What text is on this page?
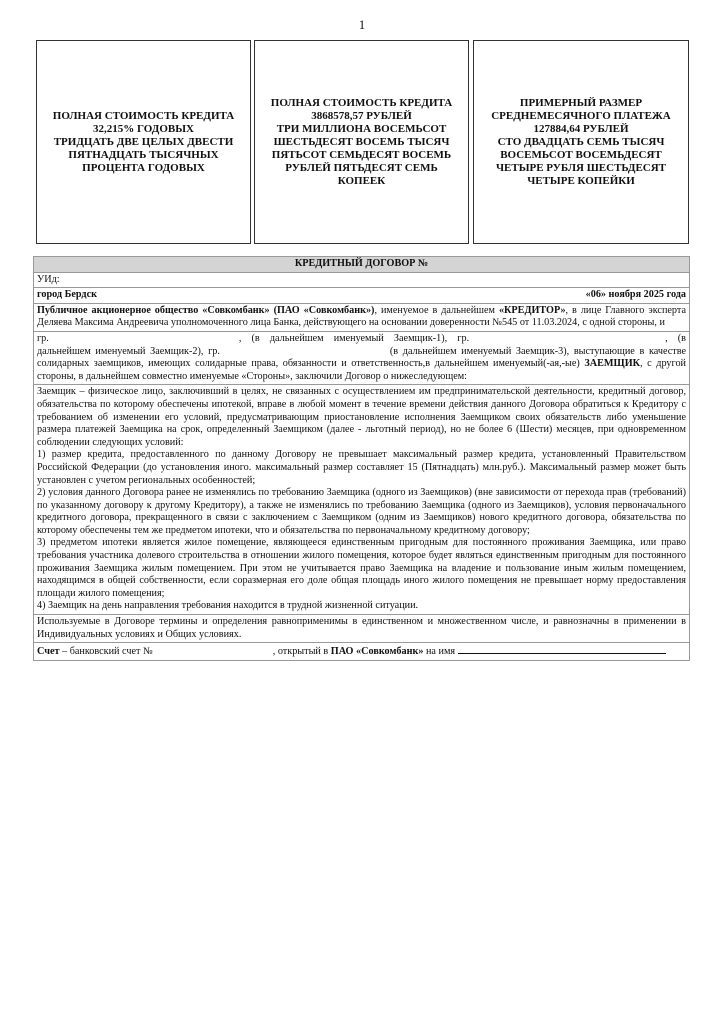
1
ПОЛНАЯ СТОИМОСТЬ КРЕДИТА
32,215% ГОДОВЫХ
ТРИДЦАТЬ ДВЕ ЦЕЛЫХ ДВЕСТИ
ПЯТНАДЦАТЬ ТЫСЯЧНЫХ
ПРОЦЕНТА ГОДОВЫХ
ПОЛНАЯ СТОИМОСТЬ КРЕДИТА
3868578,57 РУБЛЕЙ
ТРИ МИЛЛИОНА ВОСЕМЬСОТ
ШЕСТЬДЕСЯТ ВОСЕМЬ ТЫСЯЧ
ПЯТЬСОТ СЕМЬДЕСЯТ ВОСЕМЬ
РУБЛЕЙ ПЯТЬДЕСЯТ СЕМЬ КОПЕЕК
ПРИМЕРНЫЙ РАЗМЕР
СРЕДНЕМЕСЯЧНОГО ПЛАТЕЖА
127884,64 РУБЛЕЙ
СТО ДВАДЦАТЬ СЕМЬ ТЫСЯЧ
ВОСЕМЬСОТ ВОСЕМЬДЕСЯТ
ЧЕТЫРЕ РУБЛЯ ШЕСТЬДЕСЯТ
ЧЕТЫРЕ КОПЕЙКИ
КРЕДИТНЫЙ ДОГОВОР №
УИд:

город Бердск	«06» ноября 2025 года

Публичное акционерное общество «Совкомбанк» (ПАО «Совкомбанк»), именуемое в дальнейшем «КРЕДИТОР», в лице Главного эксперта Деляева Максима Андреевича уполномоченного лица Банка, действующего на основании доверенности №545 от 11.03.2024, с одной стороны, и
гр.	, (в дальнейшем именуемый Заемщик-1), гр.	, (в дальнейшем именуемый Заемщик-2), гр.	(в дальнейшем именуемый Заемщик-3), выступающие в качестве солидарных заемщиков, имеющих солидарные права, обязанности и ответственность,в дальнейшем именуемый(-ая,-ые) ЗАЕМЩИК, с другой стороны, в дальнейшем совместно именуемые «Стороны», заключили Договор о нижеследующем:

Заемщик – физическое лицо, заключивший в целях, не связанных с осуществлением им предпринимательской деятельности, кредитный договор, обязательства по которому обеспечены ипотекой, вправе в любой момент в течение времени действия данного Договора обратиться к Кредитору с требованием об изменении его условий, предусматривающим приостановление исполнения Заемщиком своих обязательств либо уменьшение размера платежей Заемщика на срок, определенный Заемщиком (далее - льготный период), но не более 6 (Шести) месяцев, при одновременном соблюдении следующих условий:
1) размер кредита, предоставленного по данному Договору не превышает максимальный размер кредита, установленный Правительством Российской Федерации (до установления иного. максимальный размер составляет 15 (Пятнадцать) млн.руб.). Максимальный размер может быть установлен с учетом региональных особенностей;
2) условия данного Договора ранее не изменялись по требованию Заемщика (одного из Заемщиков) (вне зависимости от перехода прав (требований) по указанному договору к другому Кредитору), а также не изменялись по требованию Заемщика (одного из Заемщиков), условия первоначального кредитного договора, прекращенного в связи с заключением с Заемщиком (одним из Заемщиков) нового кредитного договора, обязательства по которому обеспечены тем же предметом ипотеки, что и обязательства по первоначальному кредитному договору;
3) предметом ипотеки является жилое помещение, являющееся единственным пригодным для постоянного проживания Заемщика, или право требования участника долевого строительства в отношении жилого помещения, которое будет являться единственным пригодным для постоянного проживания Заемщика жилым помещением. При этом не учитывается право Заемщика на владение и пользование иным жилым помещением, находящимся в общей собственности, если соразмерная его доле общая площадь иного жилого помещения не превышает норму предоставления площади жилого помещения;
4) Заемщик на день направления требования находится в трудной жизненной ситуации.

Используемые в Договоре термины и определения равноприменимы в единственном и множественном числе, и равнозначны в применении в Индивидуальных условиях и Общих условиях.
Счет – банковский счет №	, открытый в ПАО «Совкомбанк» на имя
